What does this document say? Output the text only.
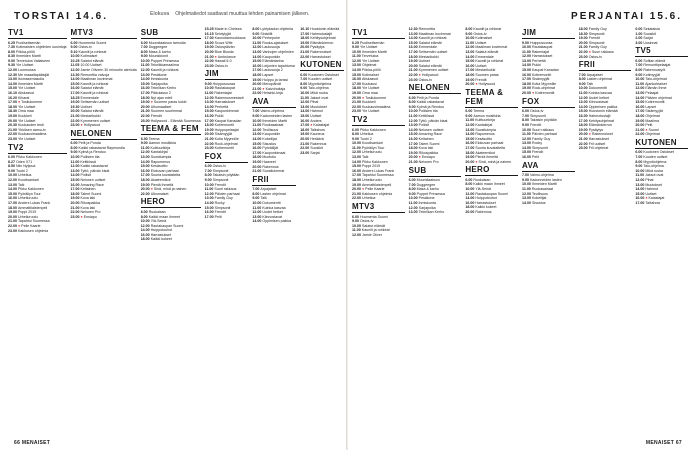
TORSTAI 14.6.	Elokuva Ohjelmatiedot saattavat muuttua lehden painamisen jälkeen.
TV1
6.25 Puoliseitsemän
7.30 Kotimaisten ohjelmien uusintoja
8.00 Pökka-pöllö
8.30 Ihmeiden Martti
9.00 Tervetuloa Vatiaiseen
9.30 Yle Uutiset
12.00 Luonnossa
12.30 Me maaaltapääsijät
13.00 Ikomasemasolla
14.00 Ihmeiden Martti
15.00 Yle Uutiset
16.10 Aliskasvot
16.20 Kiharat
17.00 ● Tosilukumme
18.00 Yle Uutiset
18.30 Oma maa
19.00 Kuukkeli
20.00 Yle Uutiset
20.30 Kuukauden testi
21.00 Ykkösen aamu-tv
22.00 Kuukausimaailma
23.00 Yle Uutiset
TV2
6.00 Pikku Kakkonen
8.27 Oden X71
8.50 Niin Nytjoua
9.00 Tuubi 2
10.00 Urheilua
12.00 Koodisankari
13.00 Talk
14.00 Pikku Kakkonen
15.00 Pyöräilyn Tour
16.00 Urheiluruutu
17.00 Anders Lukas Frank
18.00 Ammattilaistenpeli
19.00 Poppi 2019
20.00 Urheiluruutu
21.00 Tapahtui Suomessa
22.00 ● Pelle Kaarle
23.00 Kakkosen ohjelmia
MTV3
6.00 Huomenta Suomi
9.00 Ostos-tv
9.10 Kauniit ja rohkeat
10.00 Kotimaiset
10.25 Salatut elämät
11.05 10.00 Uutiset
12.00 Jamie Oliverin 30 minuutin aterioita
13.30 Remonttia valvoja
14.00 Maailman kovimmat
15.00 Kauniit ja rohkeat
16.00 Salatut elämät
17.00 Kauniit ja rohkeat
18.25 Emmerdale
19.00 Seitsemän uutiset
19.30 Uutiset
20.00 Salatut elämät
21.00 Mestarikokki
22.00 Kymmenen uutiset
23.00 ● Hollywood
NELONEN
6.00 Pelit ja Ponda
8.00 Kaikki rakastavat Raymondia
9.00 Kylmä ja Rendoo
10.00 Poliisien tila
11.00 Keittiössä
12.00 Kaikki rakastavat
13.00 Tyttö, päivän kisat
14.00 Poliisit
15.00 Nelosen uutiset
16.00 Amazing Race
17.00 Keltainen
18.00 Talent Suomi
19.00 Kova laki
20.00 Rikospaikka
21.00 Kova laki
22.00 Nelonen Pro
23.00 ● Ensiapu
SUB
6.00 Muumilaakson tarinoita
7.00 Duggeegee
8.00 Masa & karhu
9.00 Mounkkionit
10.00 Puppet Prinsessa
11.00 Tekniikkamaailma
12.00 Kauniit ja rohkeat
13.00 Pesäkone
14.00 Ihmiskunta
15.00 Sarjapoika
16.00 Tekniikan Kerho
17.00 Pikkulasso 2
18.00 Nyt ajan mieli
19.00 ● Suomen paras kokki
20.00 Ulkomaaliset
21.00 Suomen suurimmat
22.00 Frendit
23.00 Hollywood - Elämää Suomessa
TEEMA & FEM
6.30 Teema
9.00 Aamun musiikkia
11.00 Kulttuurikirja
12.00 Kantakirjat
13.00 Suosituimpia
14.00 Rapumenus
15.00 Kesäsoitto
16.00 Elokuvan parhaat
17.00 Suuria kuvataiteita
18.00 Akateemikot
19.00 Pieniä ihmeitä
20.00 ● Sinä, minä ja nainen
22.00 Ulkomaiset
HERO
6.00 Ruokaisan
8.00 Kaikki maan ihmeet
10.00 Ylä-Seinä
12.00 Rautakaupan Suomi
14.00 Huipputouhot
16.00 Harrastukset
18.00 Kaikki kokeet
15.25 Made in Chelsea
16.15 Selviytyjät
17.00 Kaunotarmuokkaus
18.00 Scuzz Wife
19.00 Ostospäivän
20.00 Blue Bloods
21.00 ● Ambulance
22.00 Hawaii 5-0
23.00 Ostos-tv
JIM
9.00 Huippusuoraa
10.00 Rautakaupat
11.00 Rakentajat
12.00 Rakennusmestarit
13.00 Harrastukset
14.00 Perhettä
15.00 Kaupunkimmat
16.00 Pukki
17.00 Kaupat Kanadan
18.00 Kotiremontit
19.00 Huippupelaajat
20.00 Sisämyyjät
21.00 Kotia Myynnille
22.00 Rock-ohjelmat
23.00 Kotiremontit
FOX
6.00 Ostos-tv
7.00 Simpsonit
8.00 Takaisin pöytään
9.00 Simpsonit
10.00 Frendit
11.00 Suuri rakkaus
12.00 Päivien parhaat
13.00 Family Guy
14.00 Rocky
15.00 Simpsonit
16.00 Frendit
17.00 Pelit
8.00 Lyhtykadun ohjelmia
9.00 Sinisiilit
10.00 Perhepuhe
11.00 Ruoka-ajatukset
12.00 Laulusuoja
13.00 Vanhojen ohjelmien
14.00 Kaupunkiin
15.00 Elämäntarina
16.00 Leijonien tapahtuma
17.00 Laulusuoja 2
18.00 Lapset
19.00 Huippu ja tanssi
20.00 Menopäivät
21.00 ● Kaivohoitaja
22.00 Helsinki-kirja
AVA
7.00 Vaimo-ohjelma
9.00 Kadonneiden lasten
10.00 Ihmeiden Martti
11.00 Ruokasairaat
12.00 Teollisuus
13.00 Kaupunkiin
14.00 Kokeilijat
15.00 Sisustus
16.00 Pyöräilijät
17.00 Kaupunkimaat
18.00 Muotoilu
19.00 Haaveet
20.00 Rakennus
21.00 Suosituimmat
FRII
7.00 Arpajaiset
8.00 Lasten ohjelmat
9.00 Talk
10.00 Dokumentti
11.00 Kuinka kasvaa
12.00 Uudet hetket
13.00 Kiinnostavat
14.00 Oppimisen paikka
16.10 Houstonin elämää
17.00 Hahmotuslajit
18.00 Kehitysohjelmat
19.00 Elämänkierron
20.00 Pysäytys
21.00 Rakennukset
22.00 Harrastukset
KUTONEN
6.00 Kuutonen Ostokset
7.00 Kuuden uutiset
8.00 Myyntiohjelma
9.00 Talo-ohjelma
10.00 Mikä ruoka
11.00 Jaksot ovat
12.00 Pihat
13.00 Muutokset
14.00 Hahmot
15.00 Uutiset
16.00 Anders
17.00 ● Kalastajat
18.00 Talkshow
19.00 Kauneus
20.00 Heräävä
21.00 Rakennus
22.00 Suosikit
23.00 Sarjat
66 MENAISET
PERJANTAI 15.6.
TV1
6.25 Puoliseitsemän
9.00 Yle Uutiset
10.00 Ihmeiden Martti
11.00 Tervetuloa
12.00 Yle Uutiset
13.00 Ohjelmat
14.00 Pökka-pöllö
15.00 Kotimaiset
16.00 Aliskasvot
17.00 Kuukausi
18.00 Yle Uutiset
19.00 Oma maa
20.00 ● Tosilukumme
21.00 Kuukkeli
22.00 Kuukausimaailma
23.00 Yle Uutiset
TV2
6.00 Pikku Kakkonen
8.00 Urheilua
9.00 Tuubi 2
10.00 Koodisankari
11.00 Pyöräilyn Tour
12.00 Urheiluruutu
13.00 Talk
14.00 Pikku Kakkonen
15.00 Poppi 2019
16.00 Anders Lukas Frank
17.00 Tapahtui Suomessa
18.00 Urheiluruutu
19.00 Ammattilaistenpeli
20.00 ● Pelle Kaarle
21.00 Kakkosen ohjelmia
22.00 Urheilua
MTV3
6.00 Huomenta Suomi
9.00 Ostos-tv
10.00 Salatut elämät
11.00 Kauniit ja rohkeat
12.00 Jamie Oliver
12.30 Remonttia
13.00 Maailman kovimmat
14.00 Kauniit ja rohkeat
15.00 Salatut elämät
16.00 Emmerdale
17.00 Seitsemän uutiset
18.00 Mestarikokki
19.00 Uutiset
20.00 Salatut elämät
21.00 Kymmenen uutiset
22.00 ● Hollywood
23.00 Ostos-tv
NELONEN
6.00 Pelit ja Ponda
8.00 Kaikki rakastavat
9.00 Kylmä ja Rendoo
10.00 Poliisien tila
11.00 Keittiössä
12.00 Tyttö, päivän kisat
13.00 Poliisit
14.00 Nelosen uutiset
15.00 Amazing Race
16.00 Keltainen
17.00 Talent Suomi
18.00 Kova laki
19.00 Rikospaikka
20.00 ● Ensiapu
21.00 Nelonen Pro
SUB
6.00 Muumilaakson
7.00 Duggeegee
8.00 Masa & karhu
9.00 Puppet Prinsessa
10.00 Pesäkone
11.00 Ihmiskunta
12.00 Sarjapoika
13.00 Tekniikan Kerho
8.00 Kauniit ja rohkeat
9.00 Ostos-tv
10.00 Kotimaiset
11.00 Uutiset
12.00 Maailman kovimmat
13.00 Salatut elämät
14.00 Emmerdale
15.00 Kauniit ja rohkeat
16.00 Uutiset
17.00 Mestarikokki
18.00 Suomen paras
19.00 Frendit
20.00 ● Hollywood
TEEMA & FEM
6.00 Teema
9.00 Aamun musiikkia
11.00 Kulttuurikirja
12.00 Kantakirjat
13.00 Suosituimpia
14.00 Rapumenus
15.00 Kesäsoitto
16.00 Elokuvan parhaat
17.00 Suuria kuvataiteita
18.00 Akateemikot
19.00 Pieniä ihmeitä
20.00 ● Sinä, minä ja nainen
HERO
6.00 Ruokaisan
8.00 Kaikki maan ihmeet
10.00 Ylä-Seinä
12.00 Rautakaupan Suomi
14.00 Huipputouhot
16.00 Harrastukset
18.00 Kaikki kokeet
20.00 Rakennus
JIM
9.00 Huippusuoraa
10.00 Rautakaupat
11.00 Rakentajat
12.00 Harrastukset
13.00 Perhettä
14.00 Pukki
15.00 Kaupat Kanadan
16.00 Kotiremontit
17.00 Sisämyyjät
18.00 Kotia Myynnille
19.00 Rock-ohjelmat
20.00 ● Kotiremontit
FOX
6.00 Ostos-tv
7.00 Simpsonit
8.00 Takaisin pöytään
9.00 Frendit
10.00 Suuri rakkaus
11.00 Päivien parhaat
12.00 Family Guy
13.00 Rocky
14.00 Simpsonit
15.00 Frendit
16.00 Pelit
AVA
7.00 Vaimo-ohjelma
9.00 Kadonneiden lasten
10.00 Ihmeiden Martti
11.00 Ruokasairaat
12.00 Teollisuus
13.00 Kokeilijat
14.00 Sisustus
18.00 Family Guy
18.30 Simpsonit
19.00 Frendit
20.00 Simpsonit
21.00 Family Guy
22.00 ● Suuri rakkaus
23.00 Ostos-tv
FRII
7.00 Arpajaiset
8.00 Lasten ohjelmat
9.00 Talk
10.00 Dokumentti
11.00 Kuinka kasvaa
12.00 Uudet hetket
13.00 Kiinnostavat
14.00 Oppimisen paikka
15.00 Houstonin elämää
16.00 Hahmotuslajit
17.00 Kehitysohjelmat
18.00 Elämänkierron
19.00 Pysäytys
20.00 ● Rakennukset
21.00 Harrastukset
22.00 Frii uutiset
23.00 Frii ohjelmat
0.00 Sekalaisia
1.00 Suosikit
2.00 Sarjat
3.00 Uusinnat
TV5
6.00 Sofiian elämä
7.00 Remonttipelaajat
8.00 Rakennustyöt
9.00 Kotimyyjät
10.00 Talo-ohjelmat
11.00 Ajankohtaiset
12.00 Elämän Ihme
13.00 Pelaajat
14.00 Päivien ohjelmat
15.00 Kotiremontit
16.00 Lapset
17.00 Sisämyyjät
18.00 Ohjelmat
19.00 Maailma
20.00 Pelit
21.00 ● Suomi
22.00 Ohjelmat
KUTONEN
6.00 Kuutonen Ostokset
7.00 Kuuden uutiset
8.00 Myyntiohjelma
9.00 Talo-ohjelma
10.00 Mikä ruoka
11.00 Jaksot ovat
12.00 Pihat
13.00 Muutokset
14.00 Hahmot
15.00 Uutiset
16.00 ● Kalastajat
17.00 Talkshow
MENAISET 67
